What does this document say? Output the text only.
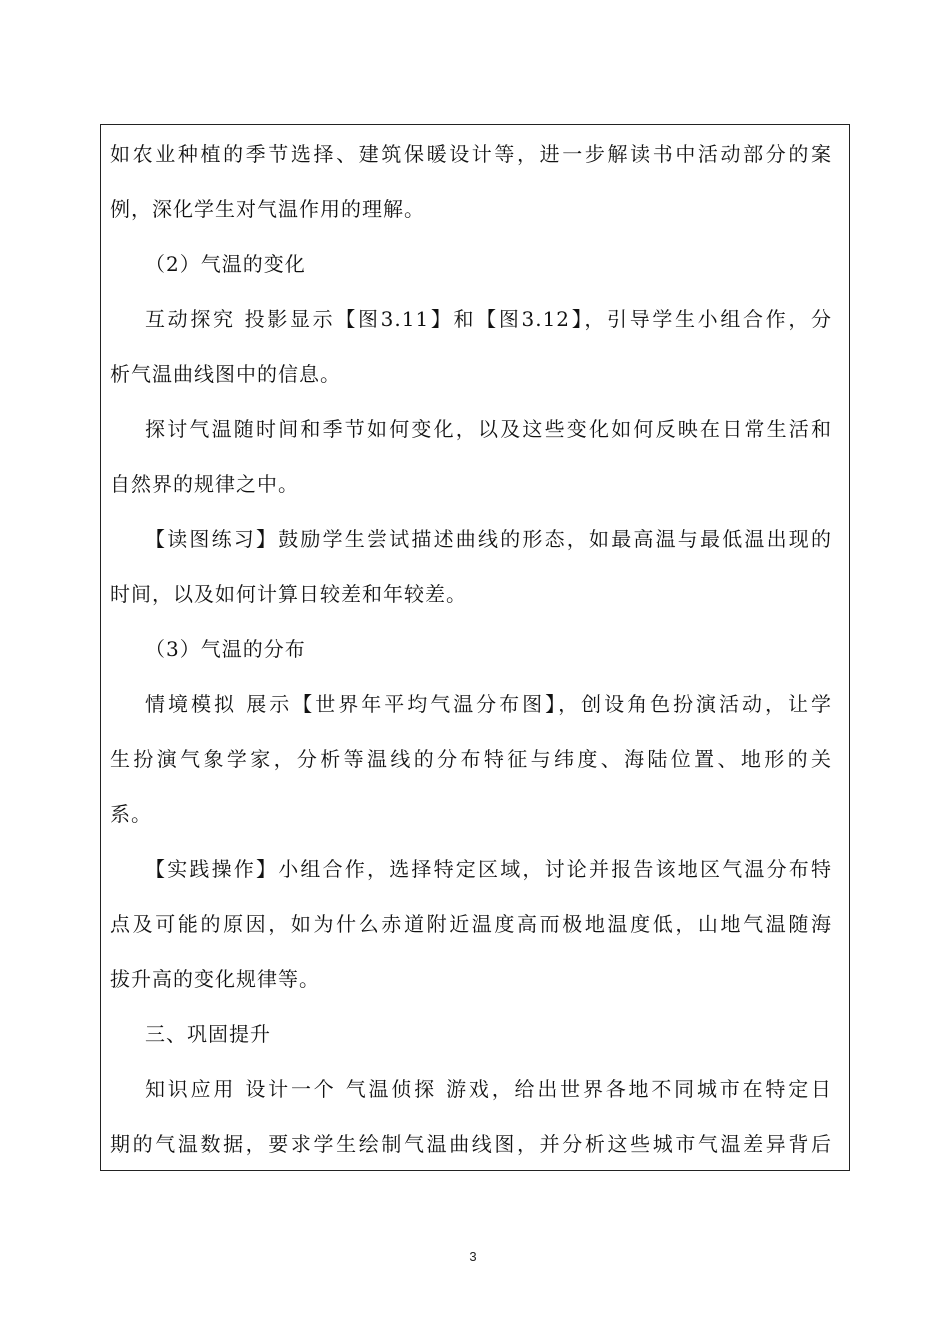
如农业种植的季节选择、建筑保暖设计等，进一步解读书中活动部分的案
例，深化学生对气温作用的理解。
（2）气温的变化
互动探究 投影显示【图3.11】和【图3.12】，引导学生小组合作，分
析气温曲线图中的信息。
探讨气温随时间和季节如何变化，以及这些变化如何反映在日常生活和
自然界的规律之中。
【读图练习】鼓励学生尝试描述曲线的形态，如最高温与最低温出现的
时间，以及如何计算日较差和年较差。
（3）气温的分布
情境模拟 展示【世界年平均气温分布图】，创设角色扮演活动，让学
生扮演气象学家，分析等温线的分布特征与纬度、海陆位置、地形的关
系。
【实践操作】小组合作，选择特定区域，讨论并报告该地区气温分布特
点及可能的原因，如为什么赤道附近温度高而极地温度低，山地气温随海
拔升高的变化规律等。
三、巩固提升
知识应用 设计一个 气温侦探 游戏，给出世界各地不同城市在特定日
期的气温数据，要求学生绘制气温曲线图，并分析这些城市气温差异背后
3
